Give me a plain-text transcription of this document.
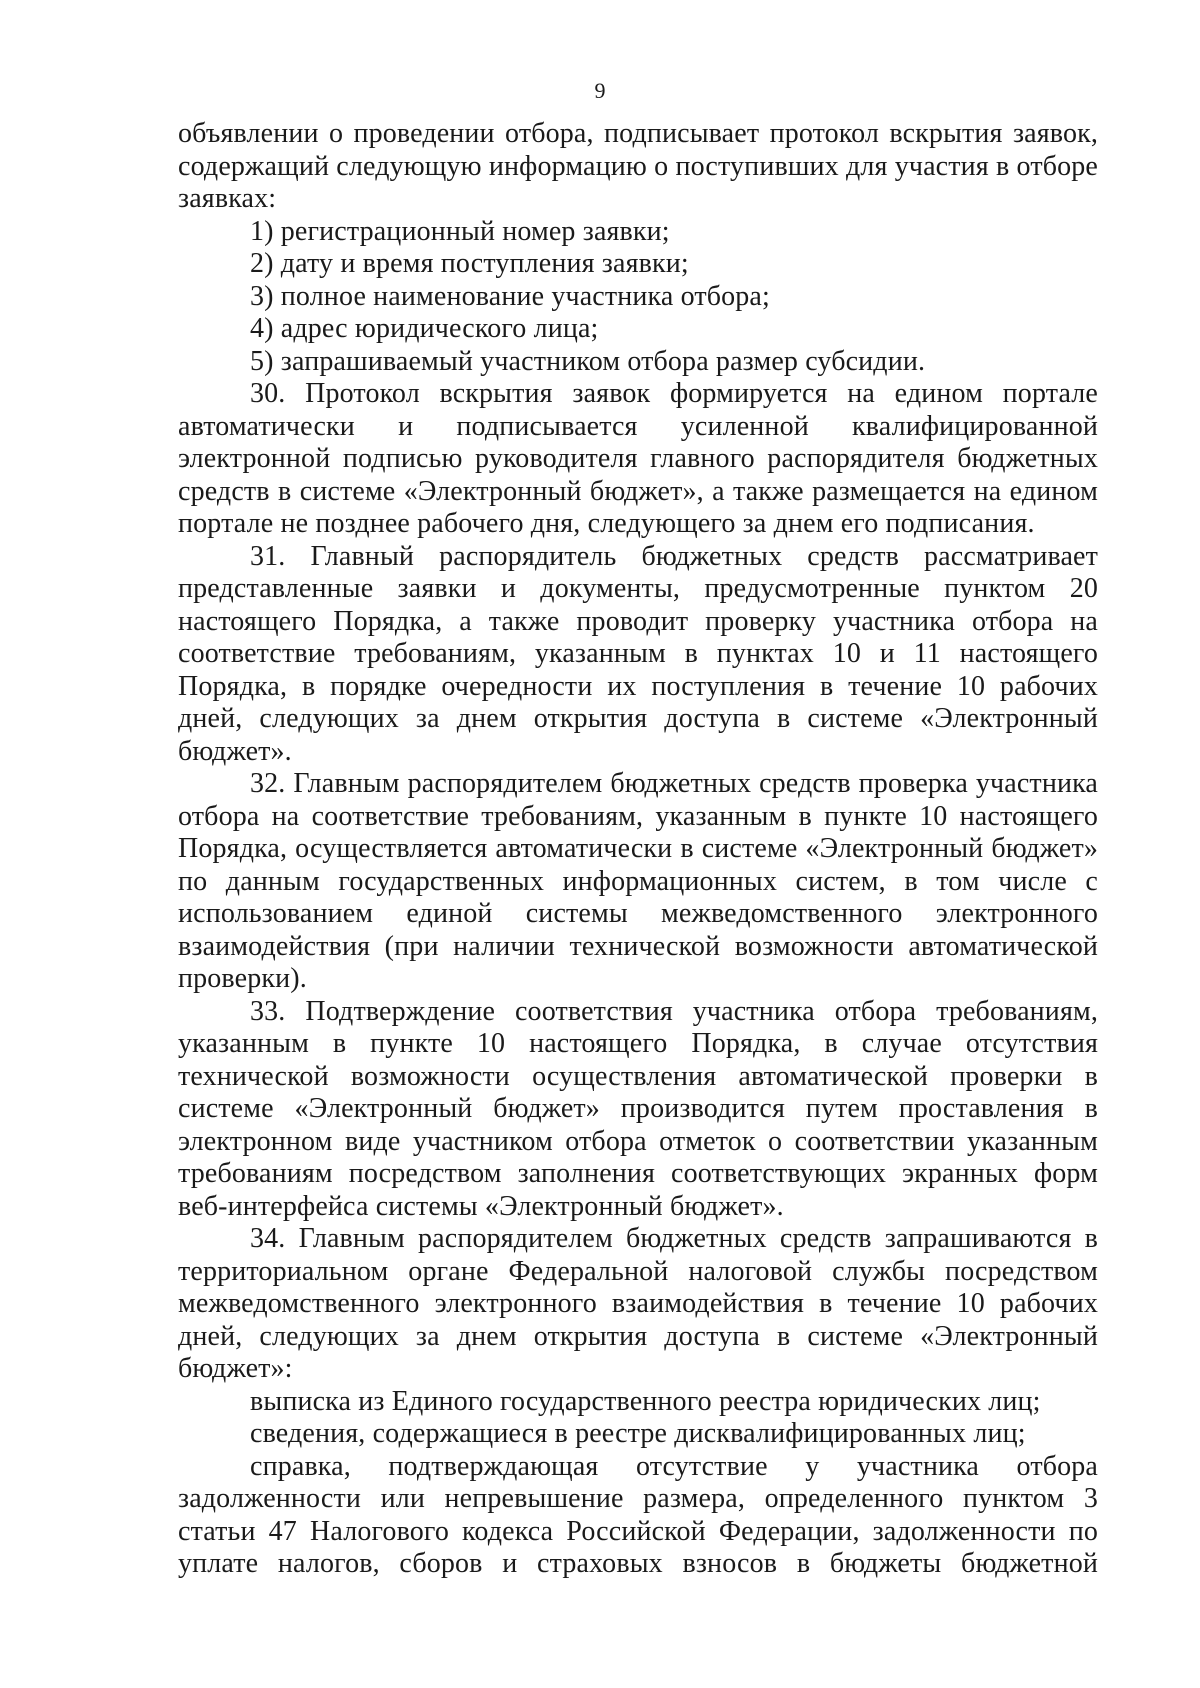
9

объявлении о проведении отбора, подписывает протокол вскрытия заявок, содержащий следующую информацию о поступивших для участия в отборе заявках:

1) регистрационный номер заявки;

2) дату и время поступления заявки;

3) полное наименование участника отбора;

4) адрес юридического лица;

5) запрашиваемый участником отбора размер субсидии.

30. Протокол вскрытия заявок формируется на едином портале автоматически и подписывается усиленной квалифицированной электронной подписью руководителя главного распорядителя бюджетных средств в системе «Электронный бюджет», а также размещается на едином портале не позднее рабочего дня, следующего за днем его подписания.

31. Главный распорядитель бюджетных средств рассматривает представленные заявки и документы, предусмотренные пунктом 20 настоящего Порядка, а также проводит проверку участника отбора на соответствие требованиям, указанным в пунктах 10 и 11 настоящего Порядка, в порядке очередности их поступления в течение 10 рабочих дней, следующих за днем открытия доступа в системе «Электронный бюджет».

32. Главным распорядителем бюджетных средств проверка участника отбора на соответствие требованиям, указанным в пункте 10 настоящего Порядка, осуществляется автоматически в системе «Электронный бюджет» по данным государственных информационных систем, в том числе с использованием единой системы межведомственного электронного взаимодействия (при наличии технической возможности автоматической проверки).

33. Подтверждение соответствия участника отбора требованиям, указанным в пункте 10 настоящего Порядка, в случае отсутствия технической возможности осуществления автоматической проверки в системе «Электронный бюджет» производится путем проставления в электронном виде участником отбора отметок о соответствии указанным требованиям посредством заполнения соответствующих экранных форм веб-интерфейса системы «Электронный бюджет».

34. Главным распорядителем бюджетных средств запрашиваются в территориальном органе Федеральной налоговой службы посредством межведомственного электронного взаимодействия в течение 10 рабочих дней, следующих за днем открытия доступа в системе «Электронный бюджет»:

выписка из Единого государственного реестра юридических лиц;

сведения, содержащиеся в реестре дисквалифицированных лиц;

справка, подтверждающая отсутствие у участника отбора задолженности или непревышение размера, определенного пунктом 3 статьи 47 Налогового кодекса Российской Федерации, задолженности по уплате налогов, сборов и страховых взносов в бюджеты бюджетной
